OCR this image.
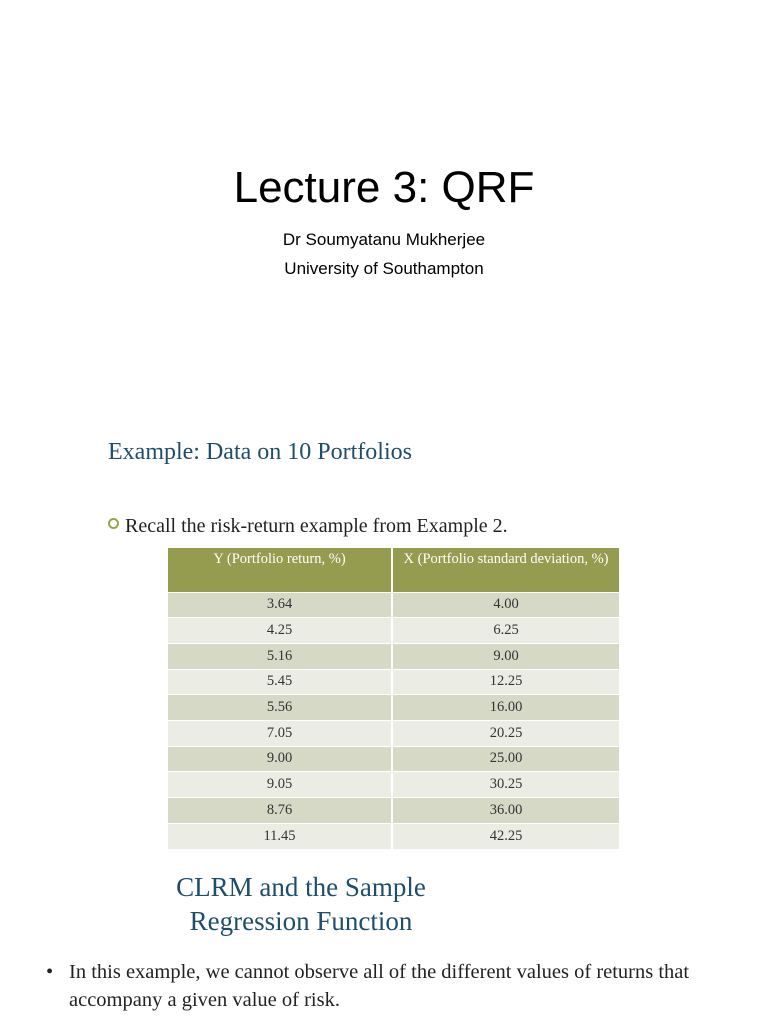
Lecture 3: QRF
Dr Soumyatanu Mukherjee
University of Southampton
Example: Data on 10 Portfolios
Recall the risk-return example from Example 2.
Y (Portfolio return, %)	X (Portfolio standard deviation, %)
3.64	4.00
4.25	6.25
5.16	9.00
5.45	12.25
5.56	16.00
7.05	20.25
9.00	25.00
9.05	30.25
8.76	36.00
11.45	42.25
CLRM and the Sample
Regression Function
• In this example, we cannot observe all of the different values of returns that accompany a given value of risk.
